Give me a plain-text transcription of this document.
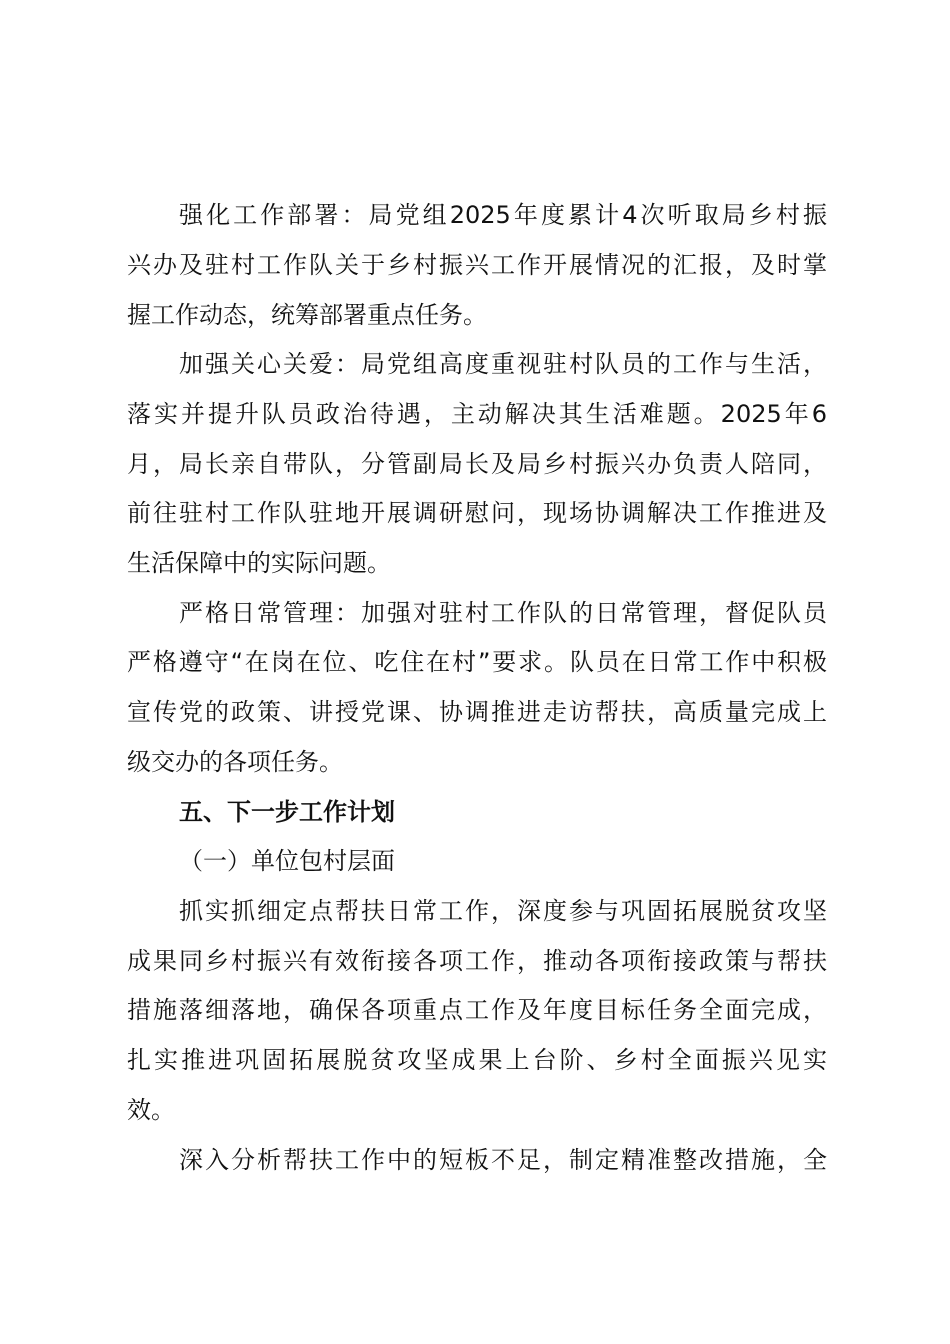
强化工作部署：局党组2025年度累计4次听取局乡村振
兴办及驻村工作队关于乡村振兴工作开展情况的汇报，及时掌
握工作动态，统筹部署重点任务。
加强关心关爱：局党组高度重视驻村队员的工作与生活，
落实并提升队员政治待遇，主动解决其生活难题。2025年6
月，局长亲自带队，分管副局长及局乡村振兴办负责人陪同，
前往驻村工作队驻地开展调研慰问，现场协调解决工作推进及
生活保障中的实际问题。
严格日常管理：加强对驻村工作队的日常管理，督促队员
严格遵守“在岗在位、吃住在村”要求。队员在日常工作中积极
宣传党的政策、讲授党课、协调推进走访帮扶，高质量完成上
级交办的各项任务。
五、下一步工作计划
（一）单位包村层面
抓实抓细定点帮扶日常工作，深度参与巩固拓展脱贫攻坚
成果同乡村振兴有效衔接各项工作，推动各项衔接政策与帮扶
措施落细落地，确保各项重点工作及年度目标任务全面完成，
扎实推进巩固拓展脱贫攻坚成果上台阶、乡村全面振兴见实
效。
深入分析帮扶工作中的短板不足，制定精准整改措施，全
